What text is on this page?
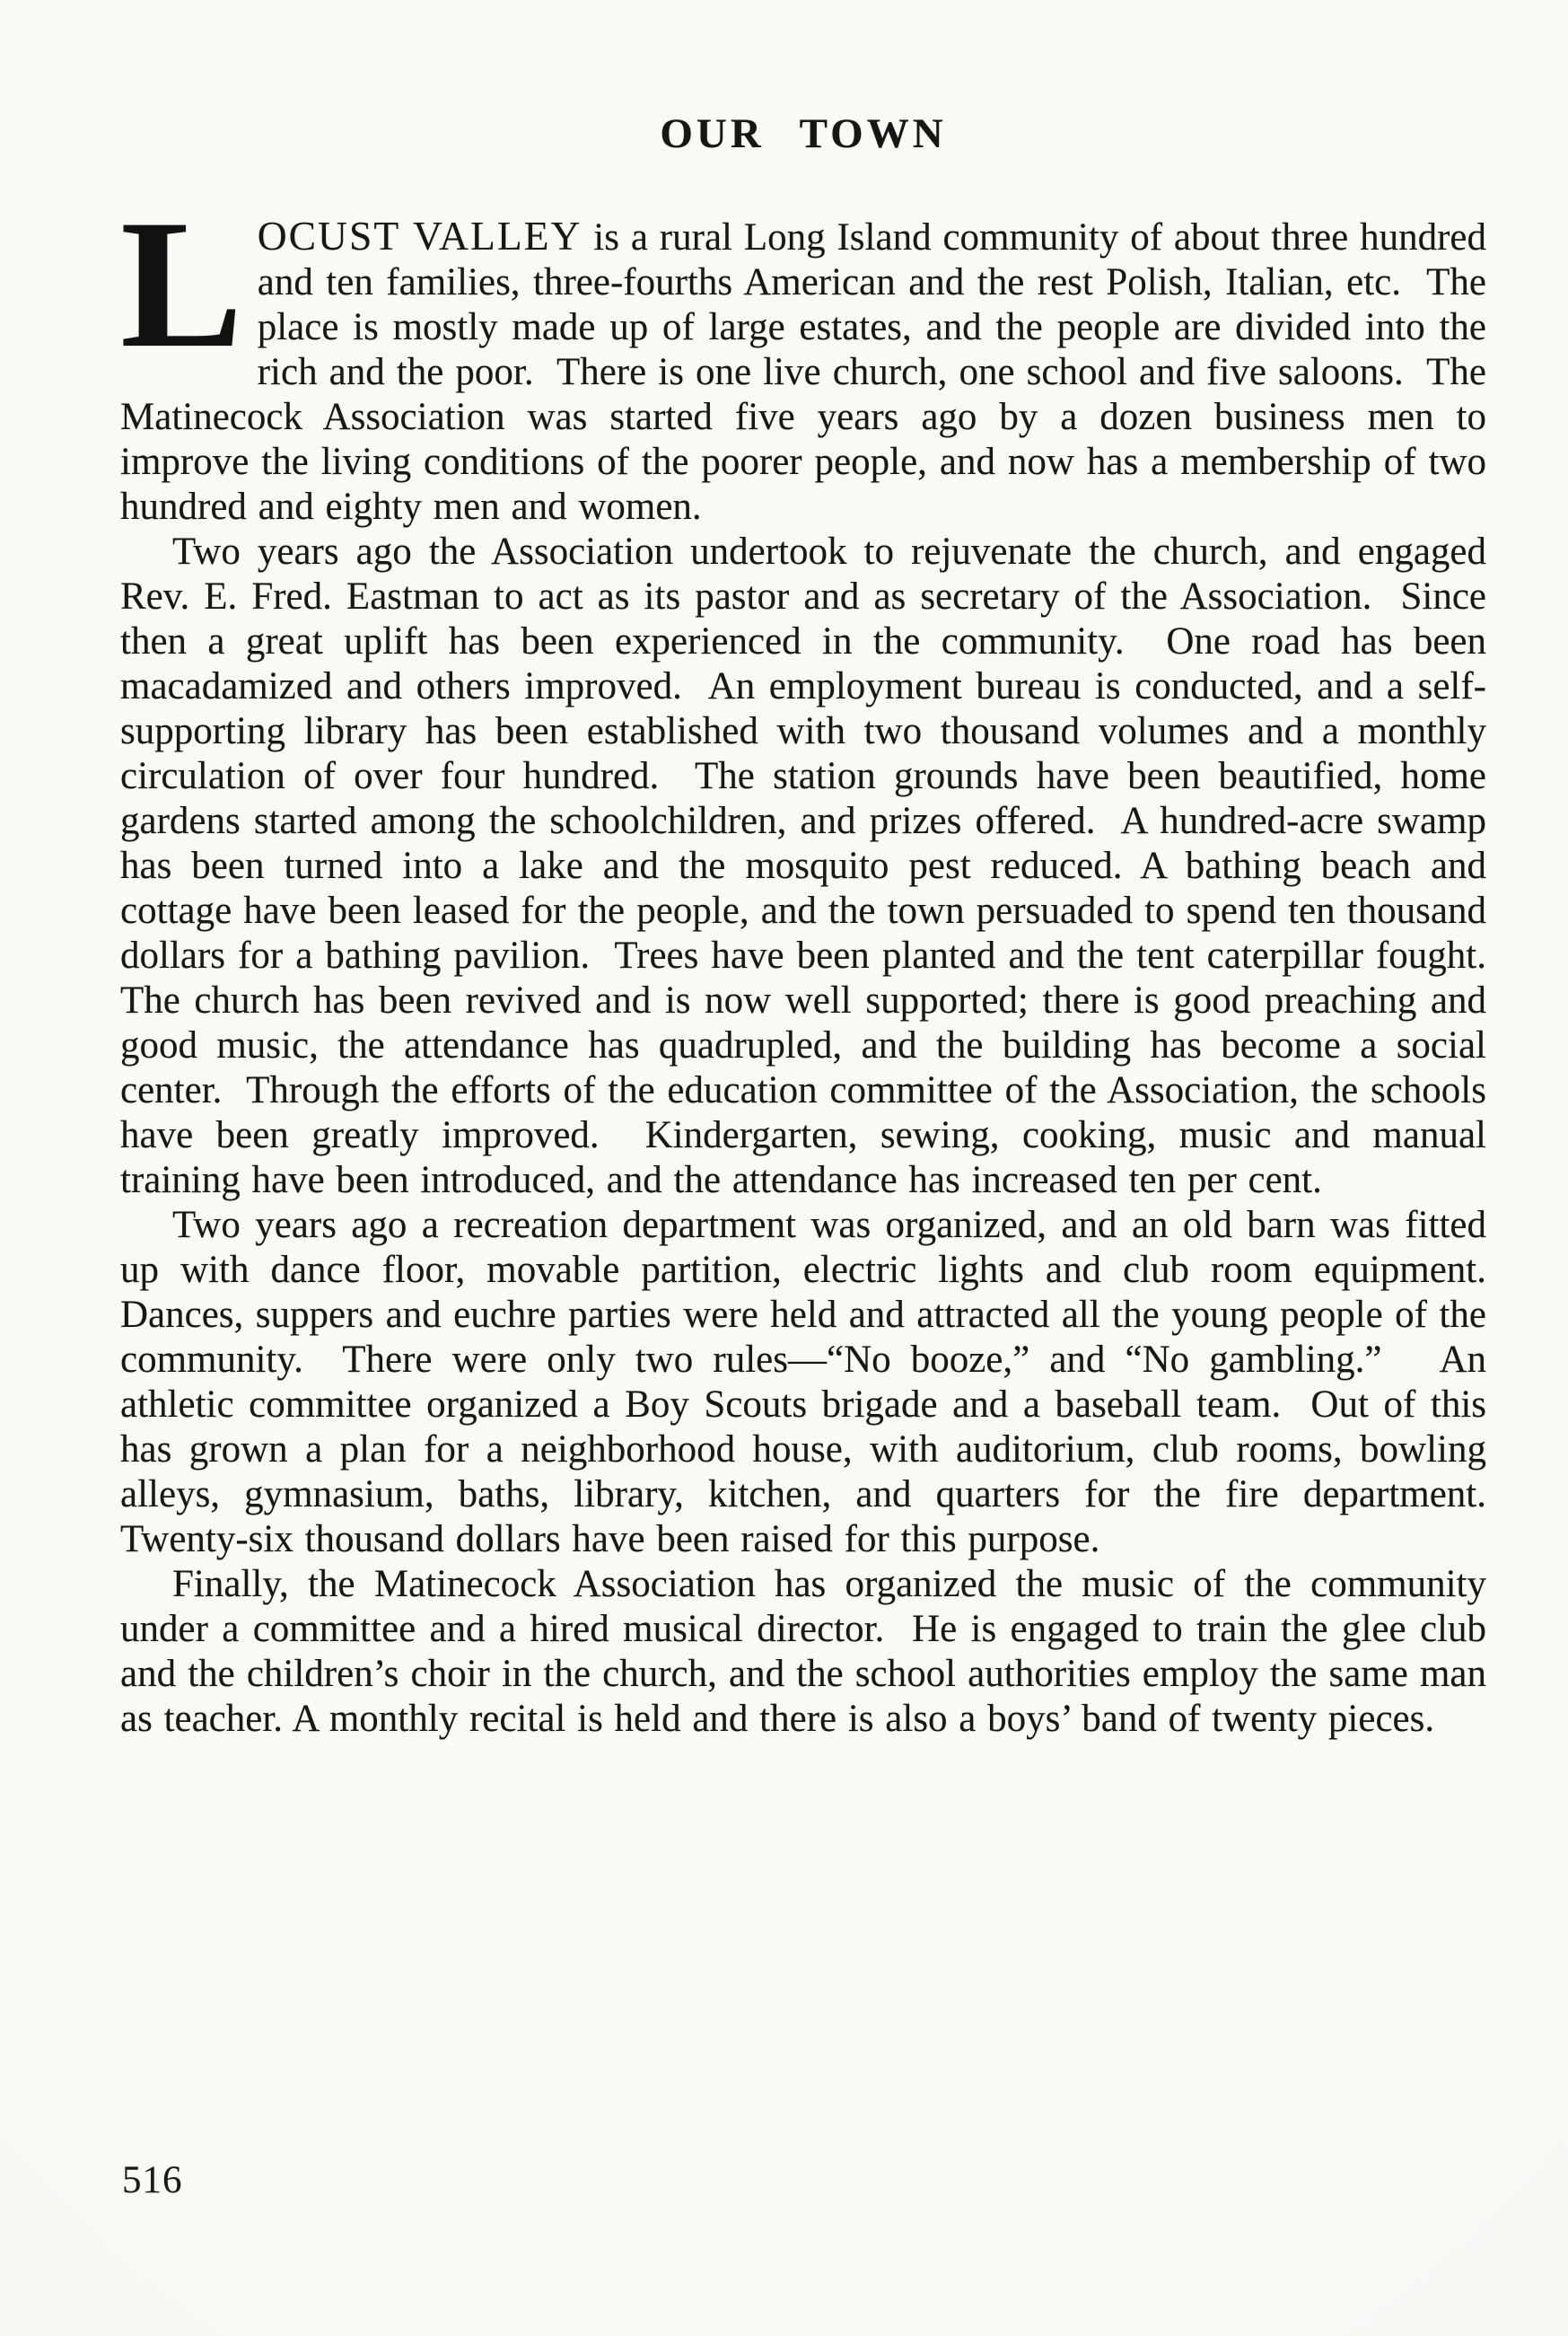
OUR TOWN

LOCUST VALLEY is a rural Long Island community of about three hundred and ten families, three-fourths American and the rest Polish, Italian, etc.  The place is mostly made up of large estates, and the people are divided into the rich and the poor.  There is one live church, one school and five saloons.  The Matinecock Association was started five years ago by a dozen business men to improve the living conditions of the poorer people, and now has a membership of two hundred and eighty men and women.

Two years ago the Association undertook to rejuvenate the church, and engaged Rev. E. Fred. Eastman to act as its pastor and as secretary of the Association.  Since then a great uplift has been experienced in the community.  One road has been macadamized and others improved.  An employment bureau is conducted, and a self-supporting library has been established with two thousand volumes and a monthly circulation of over four hundred.  The station grounds have been beautified, home gardens started among the schoolchildren, and prizes offered.  A hundred-acre swamp has been turned into a lake and the mosquito pest reduced. A bathing beach and cottage have been leased for the people, and the town persuaded to spend ten thousand dollars for a bathing pavilion.  Trees have been planted and the tent caterpillar fought.  The church has been revived and is now well supported; there is good preaching and good music, the attendance has quadrupled, and the building has become a social center.  Through the efforts of the education committee of the Association, the schools have been greatly improved.  Kindergarten, sewing, cooking, music and manual training have been introduced, and the attendance has increased ten per cent.

Two years ago a recreation department was organized, and an old barn was fitted up with dance floor, movable partition, electric lights and club room equipment.  Dances, suppers and euchre parties were held and attracted all the young people of the community.  There were only two rules—“No booze,” and “No gambling.”   An athletic committee organized a Boy Scouts brigade and a baseball team.  Out of this has grown a plan for a neighborhood house, with auditorium, club rooms, bowling alleys, gymnasium, baths, library, kitchen, and quarters for the fire department.  Twenty-six thousand dollars have been raised for this purpose.

Finally, the Matinecock Association has organized the music of the community under a committee and a hired musical director.  He is engaged to train the glee club and the children’s choir in the church, and the school authorities employ the same man as teacher. A monthly recital is held and there is also a boys’ band of twenty pieces.

516
